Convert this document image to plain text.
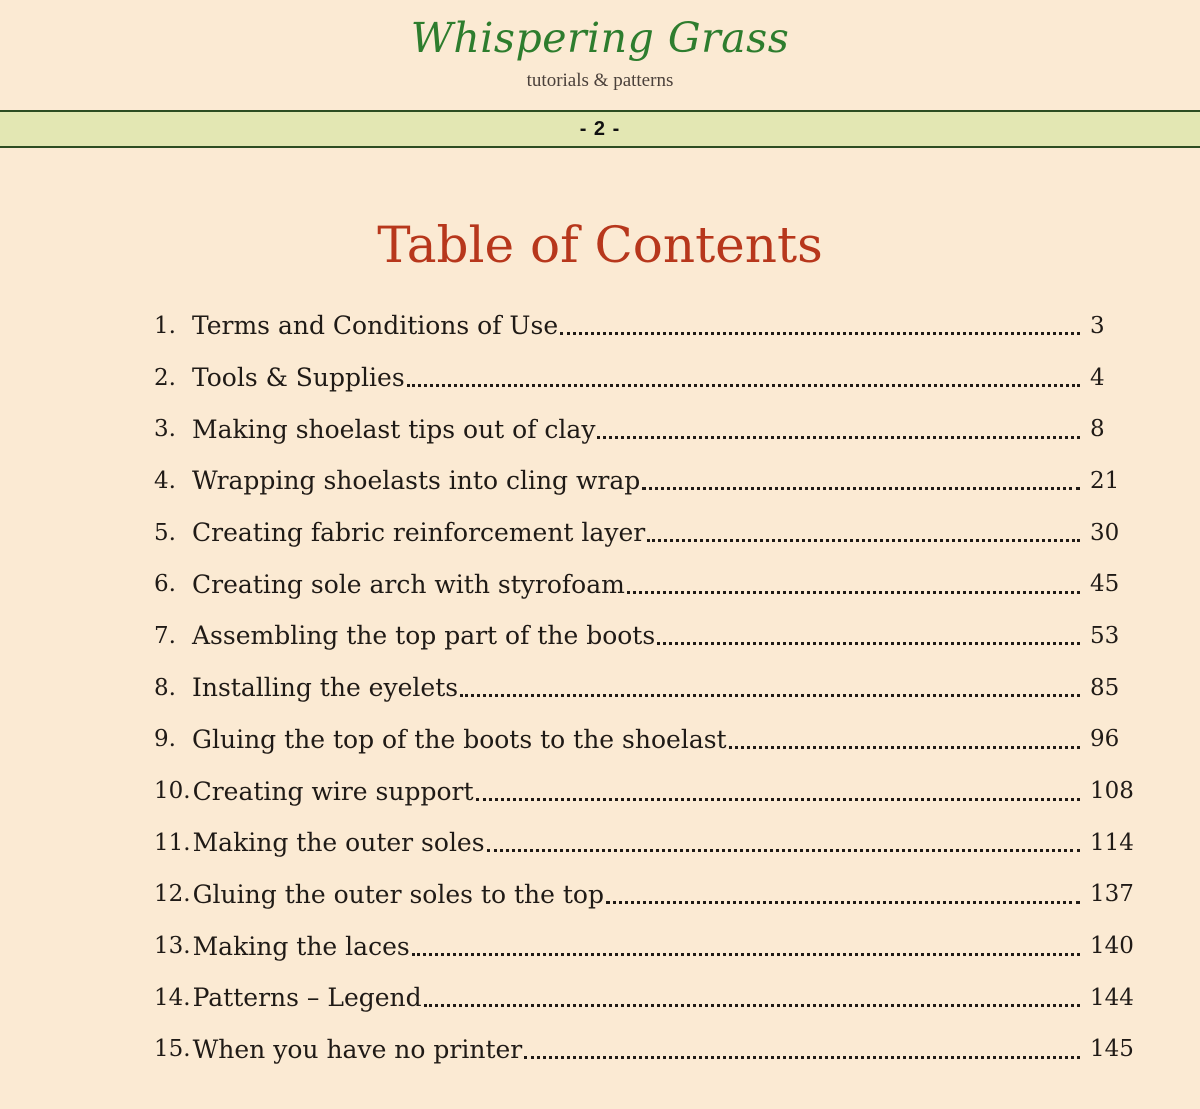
Whispering Grass
tutorials & patterns
- 2 -
Table of Contents
1. Terms and Conditions of Use	3
2. Tools & Supplies	4
3. Making shoelast tips out of clay	8
4. Wrapping shoelasts into cling wrap	21
5. Creating fabric reinforcement layer	30
6. Creating sole arch with styrofoam	45
7. Assembling the top part of the boots	53
8. Installing the eyelets	85
9. Gluing the top of the boots to the shoelast	96
10. Creating wire support	108
11. Making the outer soles	114
12. Gluing the outer soles to the top	137
13. Making the laces	140
14. Patterns – Legend	144
15. When you have no printer	145
